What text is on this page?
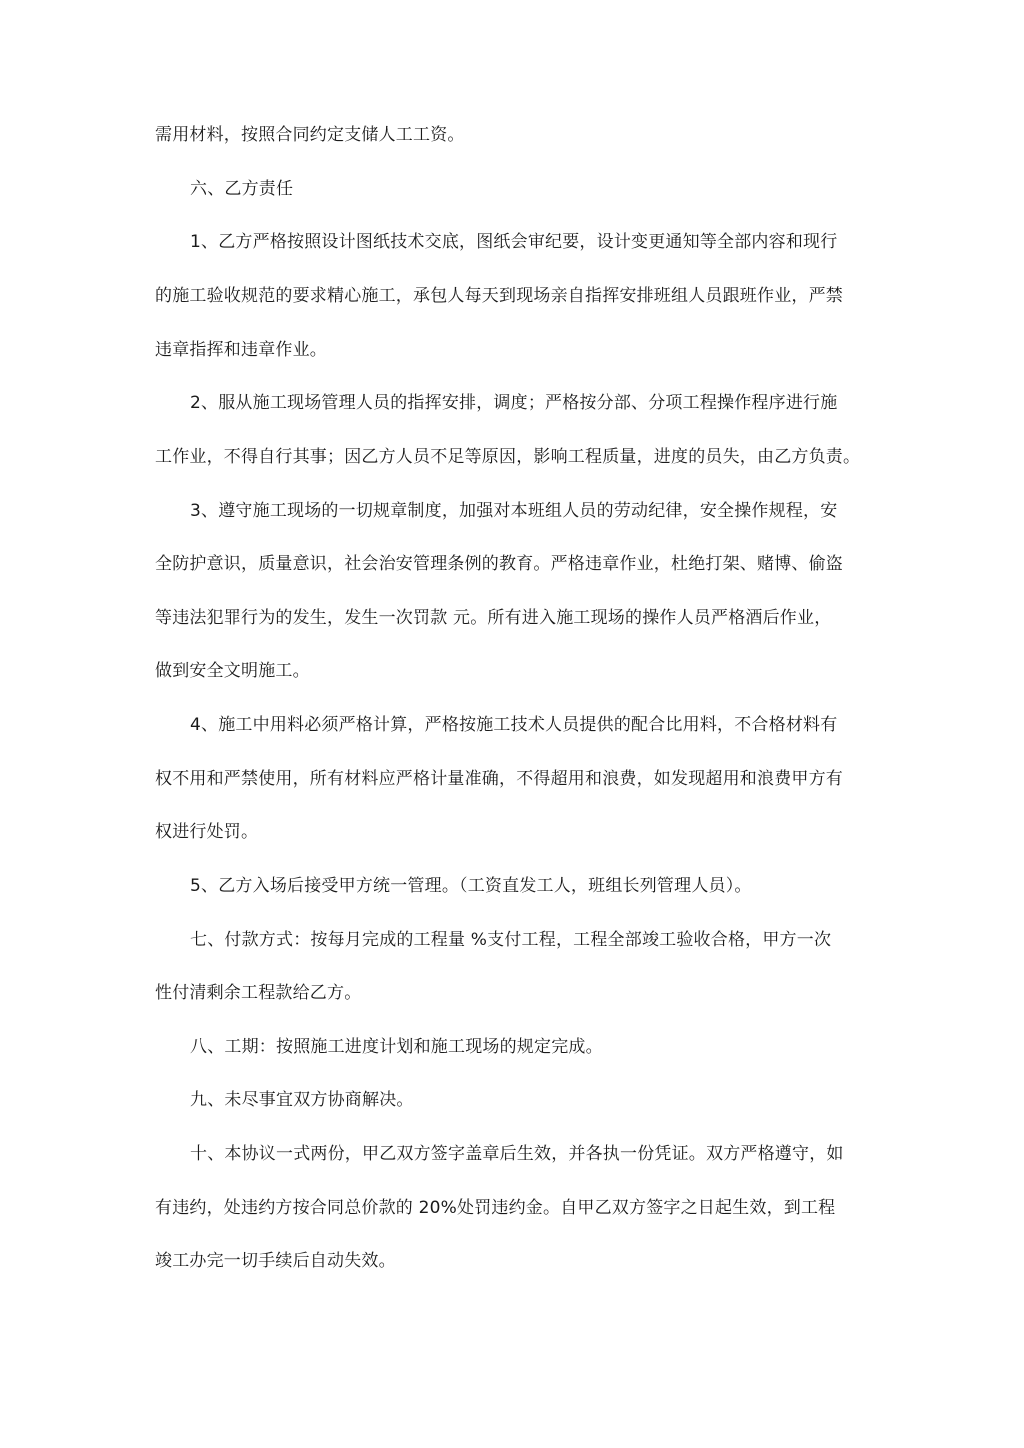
需用材料，按照合同约定支储人工工资。
六、乙方责任
1、乙方严格按照设计图纸技术交底，图纸会审纪要，设计变更通知等全部内容和现行
的施工验收规范的要求精心施工，承包人每天到现场亲自指挥安排班组人员跟班作业，严禁
违章指挥和违章作业。
2、服从施工现场管理人员的指挥安排，调度；严格按分部、分项工程操作程序进行施
工作业，不得自行其事；因乙方人员不足等原因，影响工程质量，进度的员失，由乙方负责。
3、遵守施工现场的一切规章制度，加强对本班组人员的劳动纪律，安全操作规程，安
全防护意识，质量意识，社会治安管理条例的教育。严格违章作业，杜绝打架、赌博、偷盗
等违法犯罪行为的发生，发生一次罚款 元。所有进入施工现场的操作人员严格酒后作业，
做到安全文明施工。
4、施工中用料必须严格计算，严格按施工技术人员提供的配合比用料，不合格材料有
权不用和严禁使用，所有材料应严格计量准确，不得超用和浪费，如发现超用和浪费甲方有
权进行处罚。
5、乙方入场后接受甲方统一管理。（工资直发工人，班组长列管理人员）。
七、付款方式：按每月完成的工程量 %支付工程，工程全部竣工验收合格，甲方一次
性付清剩余工程款给乙方。
八、工期：按照施工进度计划和施工现场的规定完成。
九、未尽事宜双方协商解决。
十、本协议一式两份，甲乙双方签字盖章后生效，并各执一份凭证。双方严格遵守，如
有违约，处违约方按合同总价款的 20%处罚违约金。自甲乙双方签字之日起生效，到工程
竣工办完一切手续后自动失效。
